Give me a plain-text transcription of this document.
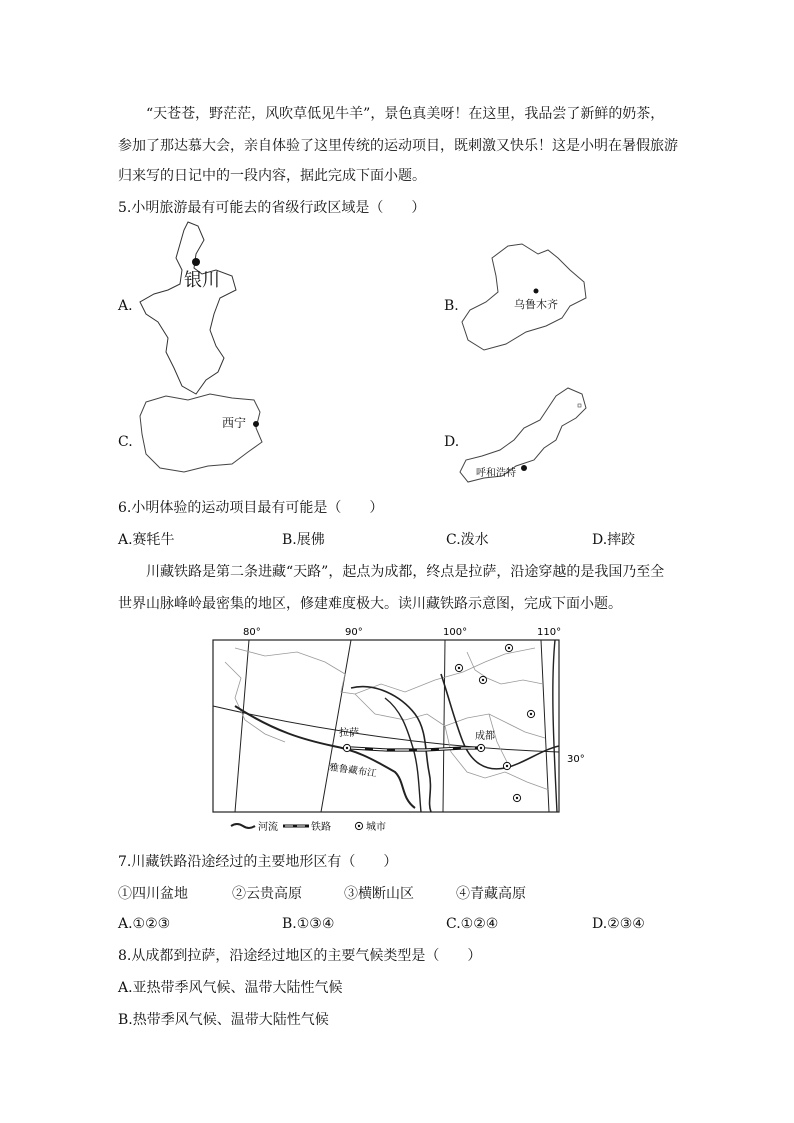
“天苍苍，野茫茫，风吹草低见牛羊”，景色真美呀！在这里，我品尝了新鲜的奶茶，
参加了那达慕大会，亲自体验了这里传统的运动项目，既刺激又快乐！这是小明在暑假旅游
归来写的日记中的一段内容，据此完成下面小题。
5.小明旅游最有可能去的省级行政区域是（　　）
A.
银川
B.	乌鲁木齐
C.
西宁
D.
呼和浩特
6.小明体验的运动项目最有可能是（　　）
A.赛牦牛	B.展佛	C.泼水	D.摔跤
川藏铁路是第二条进藏“天路”，起点为成都，终点是拉萨，沿途穿越的是我国乃至全
世界山脉峰岭最密集的地区，修建难度极大。读川藏铁路示意图，完成下面小题。
80°	90°	100°	110°
30°
拉萨	成都
雅鲁藏布江
河流	铁路	城市
7.川藏铁路沿途经过的主要地形区有（　　）
①四川盆地	②云贵高原	③横断山区	④青藏高原
A.①②③	B.①③④	C.①②④	D.②③④
8.从成都到拉萨，沿途经过地区的主要气候类型是（　　）
A.亚热带季风气候、温带大陆性气候
B.热带季风气候、温带大陆性气候
